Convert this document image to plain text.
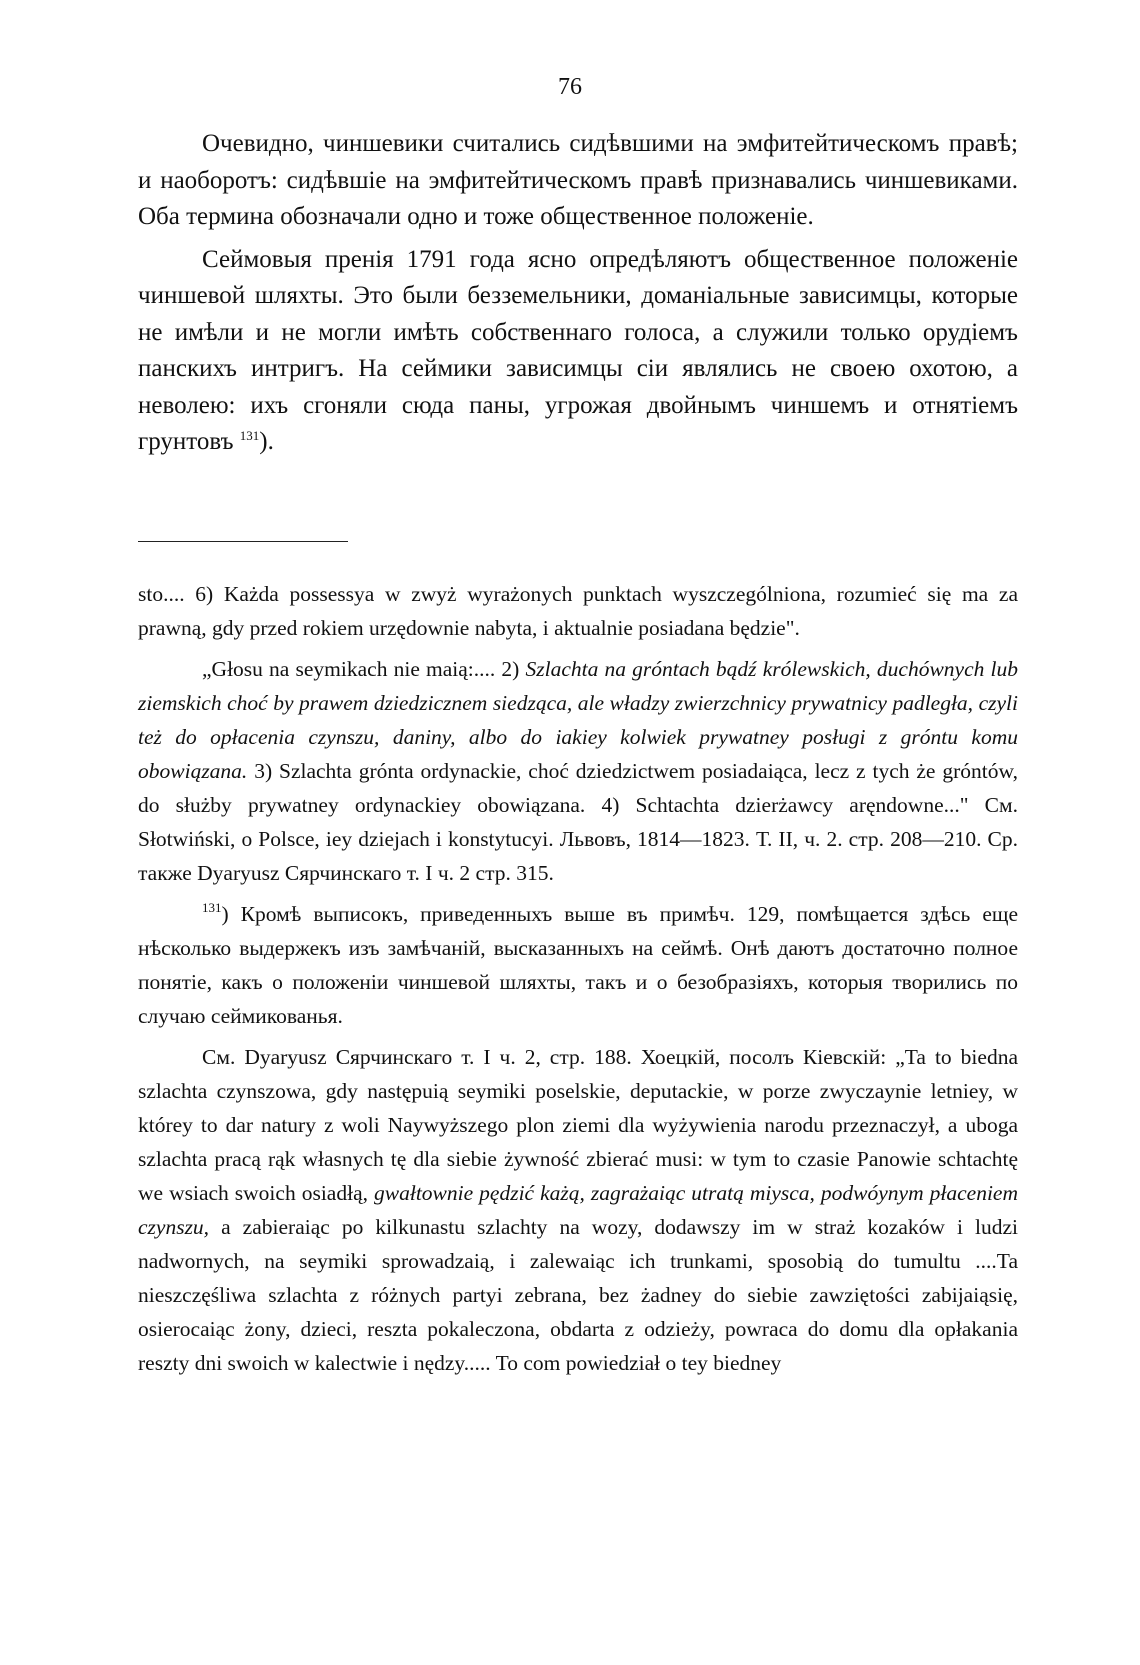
76

Очевидно, чиншевики считались сидѣвшими на эмфитейтическомъ правѣ; и наоборотъ: сидѣвшіе на эмфитейтическомъ правѣ признавались чиншевиками. Оба термина обозначали одно и тоже общественное положеніе.

Сеймовыя пренія 1791 года ясно опредѣляютъ общественное положеніе чиншевой шляхты. Это были безземельники, доманіальные зависимцы, которые не имѣли и не могли имѣть собственнаго голоса, а служили только орудіемъ панскихъ интригъ. На сеймики зависимцы сіи являлись не своею охотою, а неволею: ихъ сгоняли сюда паны, угрожая двойнымъ чиншемъ и отнятіемъ грунтовъ $^{131}$).

sto.... 6) Każda possessya w zwyż wyrażonych punktach wyszczególniona, rozumieć się ma za prawną, gdy przed rokiem urzędownie nabyta, i aktualnie posiadana będzie".

„Głosu na seymikach nie maią:.... 2) Szlachta na gróntach bądź królewskich, duchównych lub ziemskich choć by prawem dziedzicznem siedząca, ale władzy zwierzchnicy prywatnicy padległa, czyli też do opłacenia czynszu, daniny, albo do iakiey kolwiek prywatney posługi z gróntu komu obowiązana. 3) Szlachta grónta ordynackie, choć dziedzictwem posiadaiąca, lecz z tych że gróntów, do służby prywatney ordynackiey obowiązana. 4) Schtachta dzierżawcy aręndowne..." См. Słotwiński, o Polsce, iey dziejach i konstytucyi. Львовъ, 1814—1823. Т. II, ч. 2. стр. 208—210. Ср. также Dyaryusz Сярчинскаго т. I ч. 2 стр. 315.

$^{131}$) Кромѣ выписокъ, приведенныхъ выше въ примѣч. 129, помѣщается здѣсь еще нѣсколько выдержекъ изъ замѣчаній, высказанныхъ на сеймѣ. Онѣ даютъ достаточно полное понятіе, какъ о положеніи чиншевой шляхты, такъ и о безобразіяхъ, которыя творились по случаю сеймикованья.

См. Dyaryusz Сярчинскаго т. I ч. 2, стр. 188. Хоецкій, посолъ Кіевскій: „Ta to biedna szlachta czynszowa, gdy następuią seymiki poselskie, deputackie, w porze zwyczaynie letniey, w którey to dar natury z woli Naywyższego plon ziemi dla wyżywienia narodu przeznaczył, a uboga szlachta pracą rąk własnych tę dla siebie żywność zbierać musi: w tym to czasie Panowie schtachtę we wsiach swoich osiadłą, gwałtownie pędzić każą, zagrażaiąc utratą miysca, podwóynym płaceniem czynszu, a zabieraiąc po kilkunastu szlachty na wozy, dodawszy im w straż kozaków i ludzi nadwornych, na seymiki sprowadzaią, i zalewaiąc ich trunkami, sposobią do tumultu ....Ta nieszczęśliwa szlachta z różnych partyi zebrana, bez żadney do siebie zawziętości zabijaiąsię, osierocaiąc żony, dzieci, reszta pokaleczona, obdarta z odzieży, powraca do domu dla opłakania reszty dni swoich w kalectwie i nędzy..... To com powiedział o tey biedney
